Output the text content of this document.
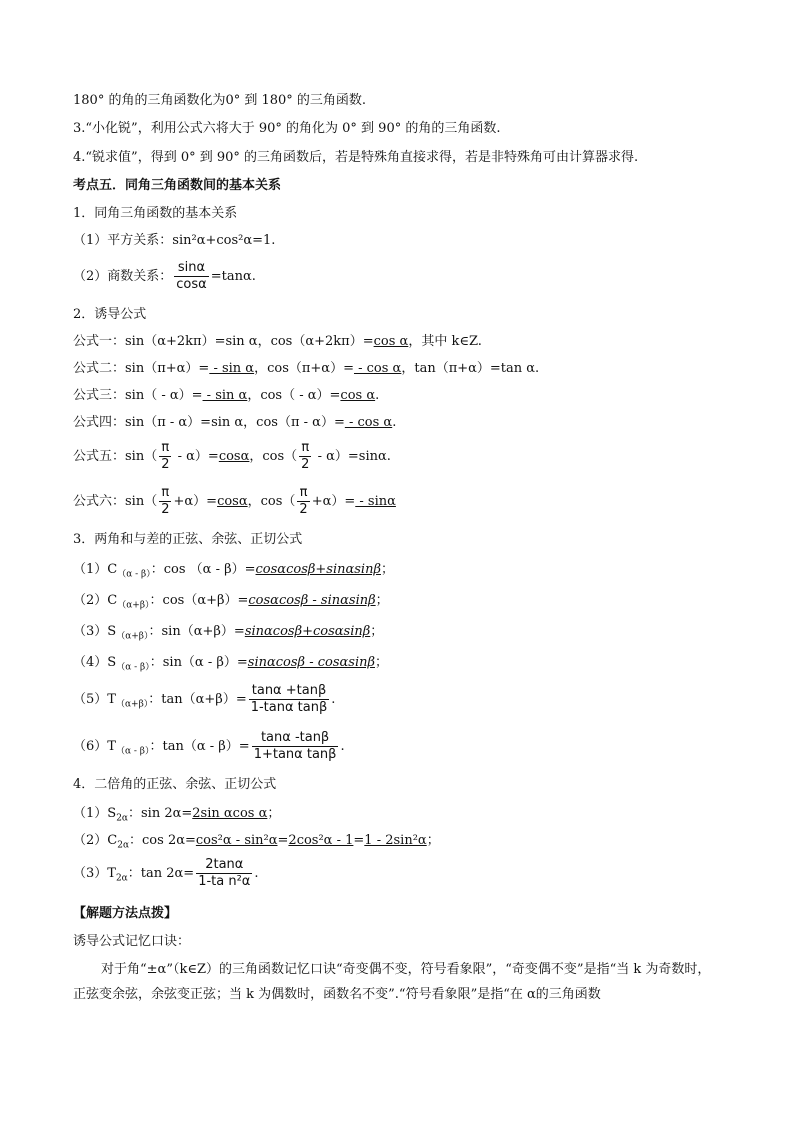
180° 的角的三角函数化为0° 到 180° 的三角函数.
3.“小化锐”，利用公式六将大于 90° 的角化为 0° 到 90° 的角的三角函数.
4.“锐求值”，得到 0° 到 90° 的三角函数后，若是特殊角直接求得，若是非特殊角可由计算器求得.
考点五．同角三角函数间的基本关系
1．同角三角函数的基本关系
（1）平方关系：sin²α+cos²α=1.
（2）商数关系： $\frac{\sin\alpha}{\cos\alpha} =\tan\alpha$.
2．诱导公式
公式一：sin（α+2kπ）=sin α，cos（α+2kπ）=cos α，其中 k∈Z.
公式二：sin（π+α）= - sin α，cos（π+α）= - cos α，tan（π+α）=tan α.
公式三：sin（ - α）= - sin α，cos（ - α）=cos α.
公式四：sin（π - α）=sin α，cos（π - α）= - cos α.
公式五：$\sin( \frac{\pi}{2} - \alpha)=\cos\alpha$，$\cos( \frac{\pi}{2} - \alpha)=\sin\alpha$.
公式六：$\sin( \frac{\pi}{2} +\alpha)=\cos\alpha$，$\cos( \frac{\pi}{2} +\alpha)= - \sin\alpha$
3．两角和与差的正弦、余弦、正切公式
$(1)C_{(\alpha - \beta)}$：cos （α - β）=cosαcosβ+sinαsinβ；
$(2)C_{(\alpha+\beta)}$：cos（α+β）=cosαcosβ - sinαsinβ；
$(3)S_{(\alpha+\beta)}$：sin（α+β）=sinαcosβ+cosαsinβ；
$(4)S_{(\alpha - \beta)}$：sin（α - β）=sinαcosβ - cosαsinβ；
$(5)T_{(\alpha+\beta)}$：$\tan(\alpha+\beta)= \frac{\tan\alpha +\tan\beta}{\text{1-tanα tanβ}}$ .
$(6)T_{(\alpha - \beta)}$：$\tan(\alpha - \beta)= \frac{\tan\alpha -\tan\beta}{\text{1+tanα tanβ}}$ .
4．二倍角的正弦、余弦、正切公式
$(1)S_{2\alpha}$：sin 2α=2sin αcos α；
$(2)C_{2\alpha}$：cos 2α=cos²α - sin²α=2cos²α - 1=1 - 2sin²α；
$(3)T_{2\alpha}$：$\tan 2\alpha= \frac{2\tan\alpha}{\text{1-ta n²α}}$ .
【解题方法点拨】
诱导公式记忆口诀：
对于角“±α”（k∈Z）的三角函数记忆口诀“奇变偶不变，符号看象限”，“奇变偶不变”是指“当 k 为奇数时，正弦变余弦，余弦变正弦；当 k 为偶数时，函数名不变”.“符号看象限”是指“在 α的三角函数
